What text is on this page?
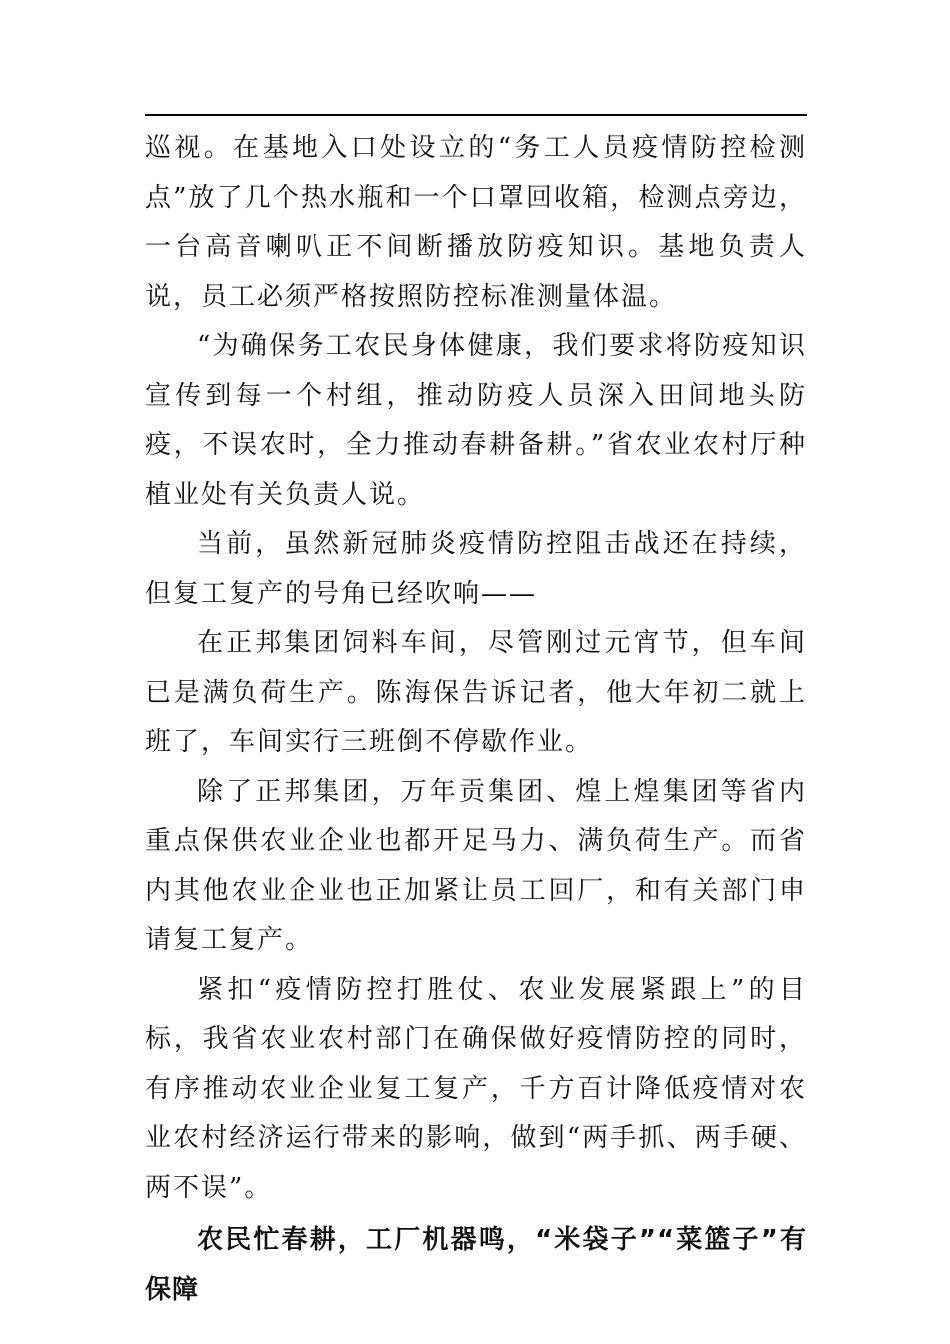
巡视。在基地入口处设立的“务工人员疫情防控检测点”放了几个热水瓶和一个口罩回收箱，检测点旁边，一台高音喇叭正不间断播放防疫知识。基地负责人说，员工必须严格按照防控标准测量体温。

“为确保务工农民身体健康，我们要求将防疫知识宣传到每一个村组，推动防疫人员深入田间地头防疫，不误农时，全力推动春耕备耕。”省农业农村厅种植业处有关负责人说。

当前，虽然新冠肺炎疫情防控阻击战还在持续，但复工复产的号角已经吹响——

在正邦集团饲料车间，尽管刚过元宵节，但车间已是满负荷生产。陈海保告诉记者，他大年初二就上班了，车间实行三班倒不停歇作业。

除了正邦集团，万年贡集团、煌上煌集团等省内重点保供农业企业也都开足马力、满负荷生产。而省内其他农业企业也正加紧让员工回厂，和有关部门申请复工复产。

紧扣“疫情防控打胜仗、农业发展紧跟上”的目标，我省农业农村部门在确保做好疫情防控的同时，有序推动农业企业复工复产，千方百计降低疫情对农业农村经济运行带来的影响，做到“两手抓、两手硬、两不误”。

农民忙春耕，工厂机器鸣，“米袋子”“菜篮子”有保障
